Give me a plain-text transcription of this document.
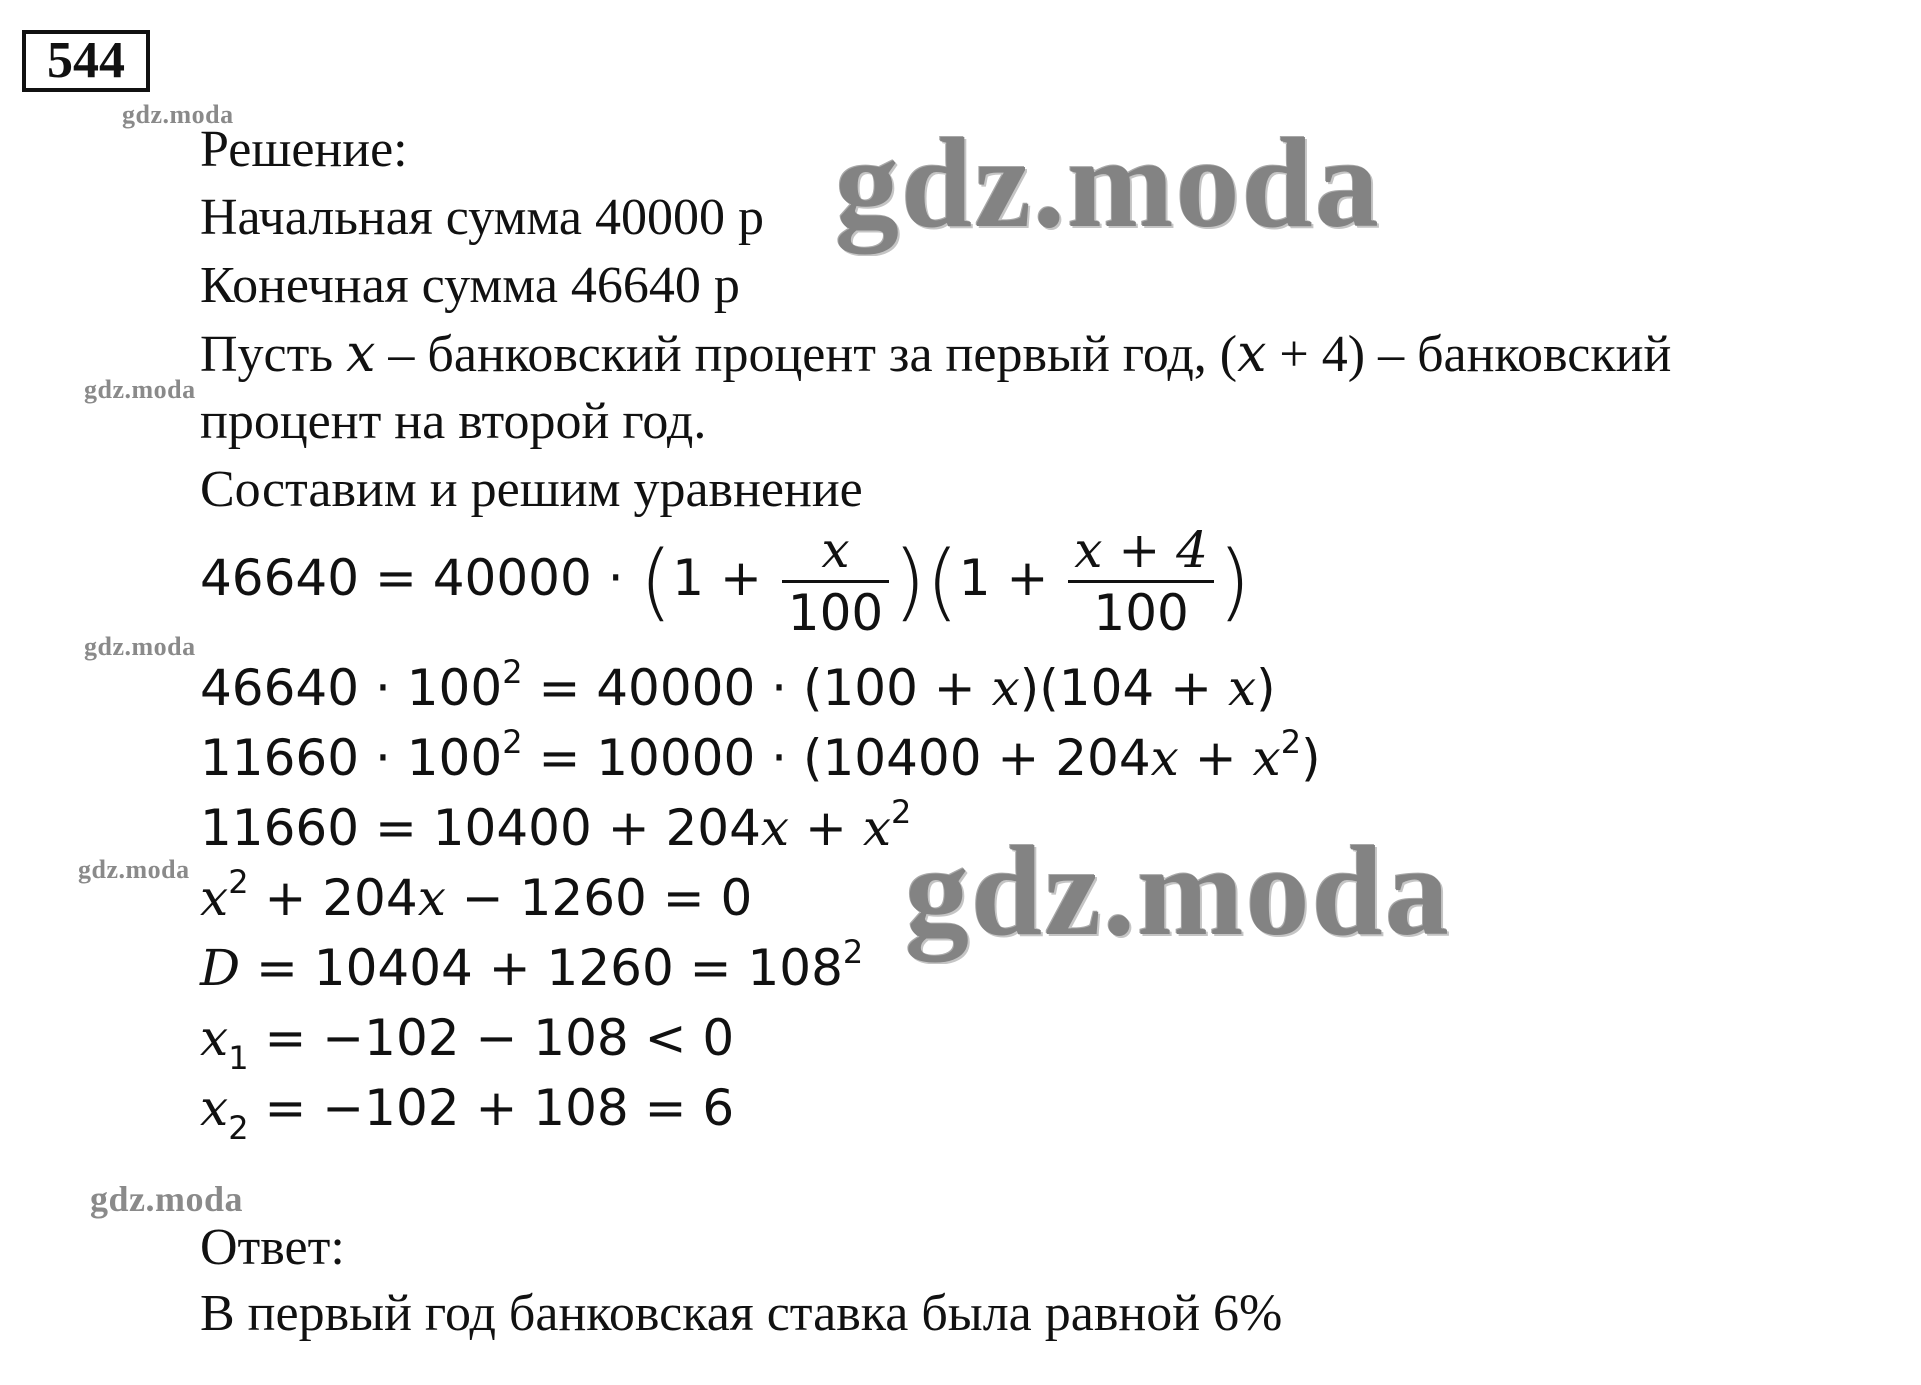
544
gdz.moda
gdz.moda
gdz.moda
gdz.moda
gdz.moda
gdz.moda
gdz.moda
Решение:
Начальная сумма 40000 р
Конечная сумма 46640 р
Пусть x – банковский процент за первый год, (x + 4) – банковский
процент на второй год.
Составим и решим уравнение
$46640 = 40000 \cdot (1 + \frac{x}{100} )(1 + \frac{x + 4}{100}$ )
$46640 \cdot 100^2 = 40000 \cdot (100 + x)(104 + x)$
$11660 \cdot 100^2 = 10000 \cdot (10400 + 204x + x^2)$
$11660 = 10400 + 204x + x^2$
$x^2 + 204x - 1260 = 0$
$D = 10404 + 1260 = 108^2$
$x_1 = -102 - 108 < 0$
$x_2 = -102 + 108 = 6$
Ответ:
В первый год банковская ставка была равной 6%
